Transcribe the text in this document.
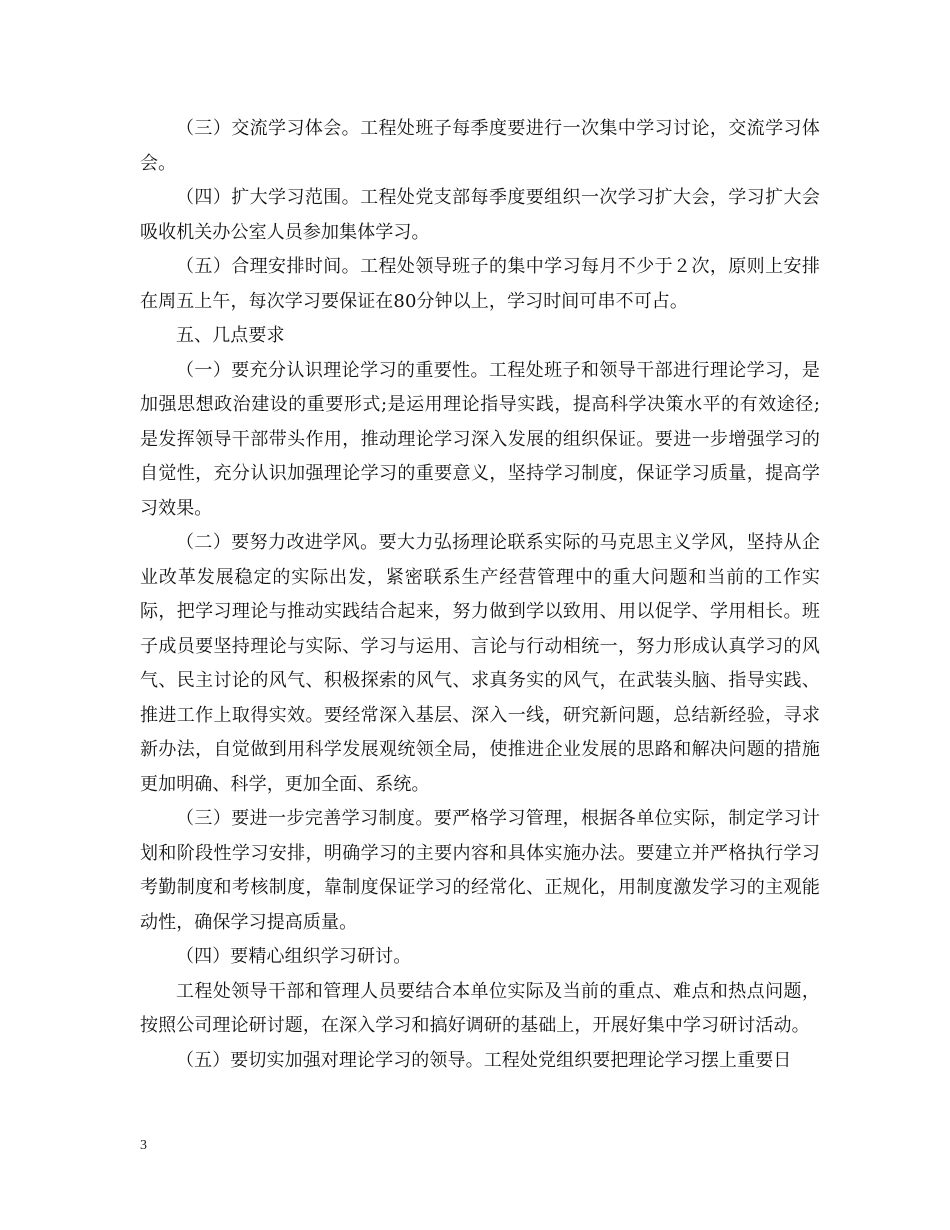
（三）交流学习体会。工程处班子每季度要进行一次集中学习讨论，交流学习体会。

（四）扩大学习范围。工程处党支部每季度要组织一次学习扩大会，学习扩大会吸收机关办公室人员参加集体学习。

（五）合理安排时间。工程处领导班子的集中学习每月不少于２次，原则上安排在周五上午，每次学习要保证在80分钟以上，学习时间可串不可占。

五、几点要求

（一）要充分认识理论学习的重要性。工程处班子和领导干部进行理论学习，是加强思想政治建设的重要形式;是运用理论指导实践，提高科学决策水平的有效途径;是发挥领导干部带头作用，推动理论学习深入发展的组织保证。要进一步增强学习的自觉性，充分认识加强理论学习的重要意义，坚持学习制度，保证学习质量，提高学习效果。

（二）要努力改进学风。要大力弘扬理论联系实际的马克思主义学风，坚持从企业改革发展稳定的实际出发，紧密联系生产经营管理中的重大问题和当前的工作实际，把学习理论与推动实践结合起来，努力做到学以致用、用以促学、学用相长。班子成员要坚持理论与实际、学习与运用、言论与行动相统一，努力形成认真学习的风气、民主讨论的风气、积极探索的风气、求真务实的风气，在武装头脑、指导实践、推进工作上取得实效。要经常深入基层、深入一线，研究新问题，总结新经验，寻求新办法，自觉做到用科学发展观统领全局，使推进企业发展的思路和解决问题的措施更加明确、科学，更加全面、系统。

（三）要进一步完善学习制度。要严格学习管理，根据各单位实际，制定学习计划和阶段性学习安排，明确学习的主要内容和具体实施办法。要建立并严格执行学习考勤制度和考核制度，靠制度保证学习的经常化、正规化，用制度激发学习的主观能动性，确保学习提高质量。

（四）要精心组织学习研讨。

工程处领导干部和管理人员要结合本单位实际及当前的重点、难点和热点问题，按照公司理论研讨题，在深入学习和搞好调研的基础上，开展好集中学习研讨活动。

（五）要切实加强对理论学习的领导。工程处党组织要把理论学习摆上重要日

3
